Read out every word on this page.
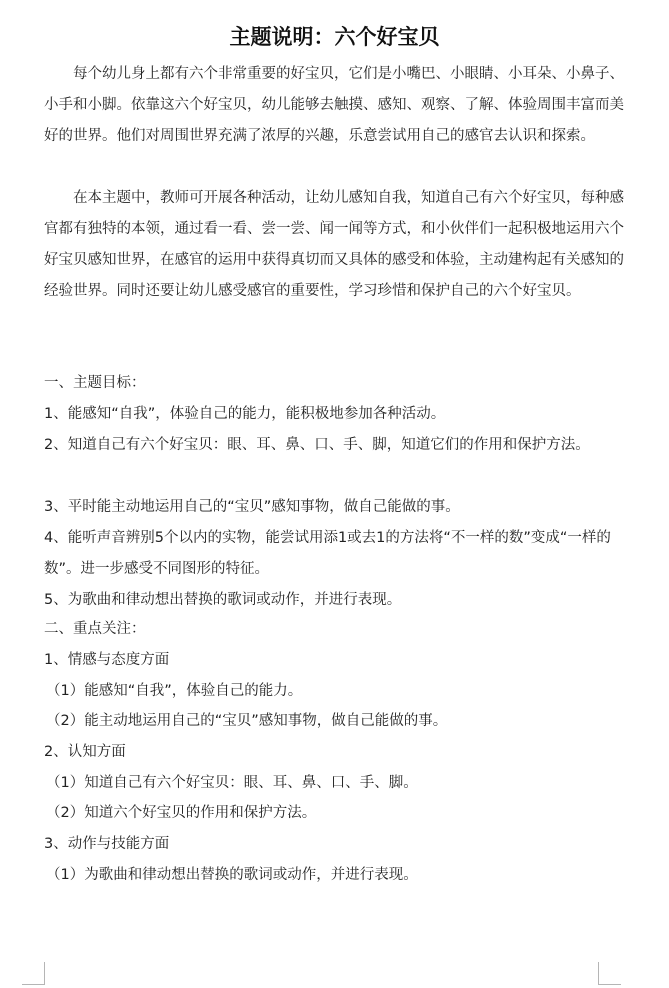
主题说明：六个好宝贝
每个幼儿身上都有六个非常重要的好宝贝，它们是小嘴巴、小眼睛、小耳朵、小鼻子、小手和小脚。依靠这六个好宝贝，幼儿能够去触摸、感知、观察、了解、体验周围丰富而美好的世界。他们对周围世界充满了浓厚的兴趣，乐意尝试用自己的感官去认识和探索。
在本主题中，教师可开展各种活动，让幼儿感知自我，知道自己有六个好宝贝，每种感官都有独特的本领，通过看一看、尝一尝、闻一闻等方式，和小伙伴们一起积极地运用六个好宝贝感知世界，在感官的运用中获得真切而又具体的感受和体验，主动建构起有关感知的经验世界。同时还要让幼儿感受感官的重要性，学习珍惜和保护自己的六个好宝贝。
一、主题目标：
1、能感知“自我”，体验自己的能力，能积极地参加各种活动。
2、知道自己有六个好宝贝：眼、耳、鼻、口、手、脚，知道它们的作用和保护方法。
3、平时能主动地运用自己的“宝贝”感知事物，做自己能做的事。
4、能听声音辨别5个以内的实物，能尝试用添1或去1的方法将“不一样的数”变成“一样的数”。进一步感受不同图形的特征。
5、为歌曲和律动想出替换的歌词或动作，并进行表现。
二、重点关注：
1、情感与态度方面
（1）能感知“自我”，体验自己的能力。
（2）能主动地运用自己的“宝贝”感知事物，做自己能做的事。
2、认知方面
（1）知道自己有六个好宝贝：眼、耳、鼻、口、手、脚。
（2）知道六个好宝贝的作用和保护方法。
3、动作与技能方面
（1）为歌曲和律动想出替换的歌词或动作，并进行表现。
